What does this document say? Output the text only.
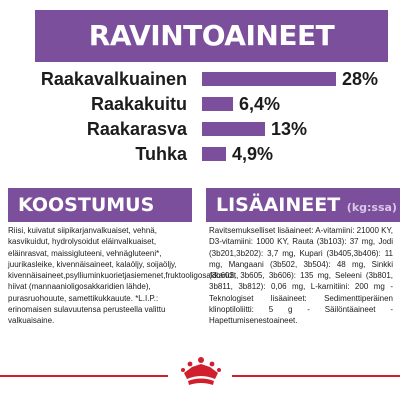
RAVINTOAINEET
Raakavalkuainen	28%
Raakakuitu	6,4%
Raakarasva	13%
Tuhka	4,9%
KOOSTUMUS
Riisi, kuivatut siipikarjanvalkuaiset, vehnä, kasvikuidut, hydrolysoidut eläinvalkuaiset, eläinrasvat, maissigluteeni, vehnägluteeni*, juurikasleike, kivennäisaineet, kalaöljy, soijaöljy, kivennäisaineet,psylliuminkuorietjasiemenet,fruktooligosakkaridit, hiivat (mannaanioligosakkaridien lähde), purasruohouute, samettikukkauute. *L.I.P.: erinomaisen sulavuutensa perusteella valittu valkuaisaine.
LISÄAINEET (kg:ssa)
Ravitsemukselliset lisäaineet: A-vitamiini: 21000 KY, D3-vitamiini: 1000 KY, Rauta (3b103): 37 mg, Jodi (3b201,3b202): 3,7 mg, Kupari (3b405,3b406): 11 mg, Mangaani (3b502, 3b504): 48 mg, Sinkki (3b603, 3b605, 3b606): 135 mg, Seleeni (3b801, 3b811, 3b812): 0,06 mg, L-karnitiini: 200 mg - Teknologiset lisäaineet: Sedimenttiperäinen klinoptiloliitti: 5 g - Säilöntäaineet - Hapettumisenestoaineet.
